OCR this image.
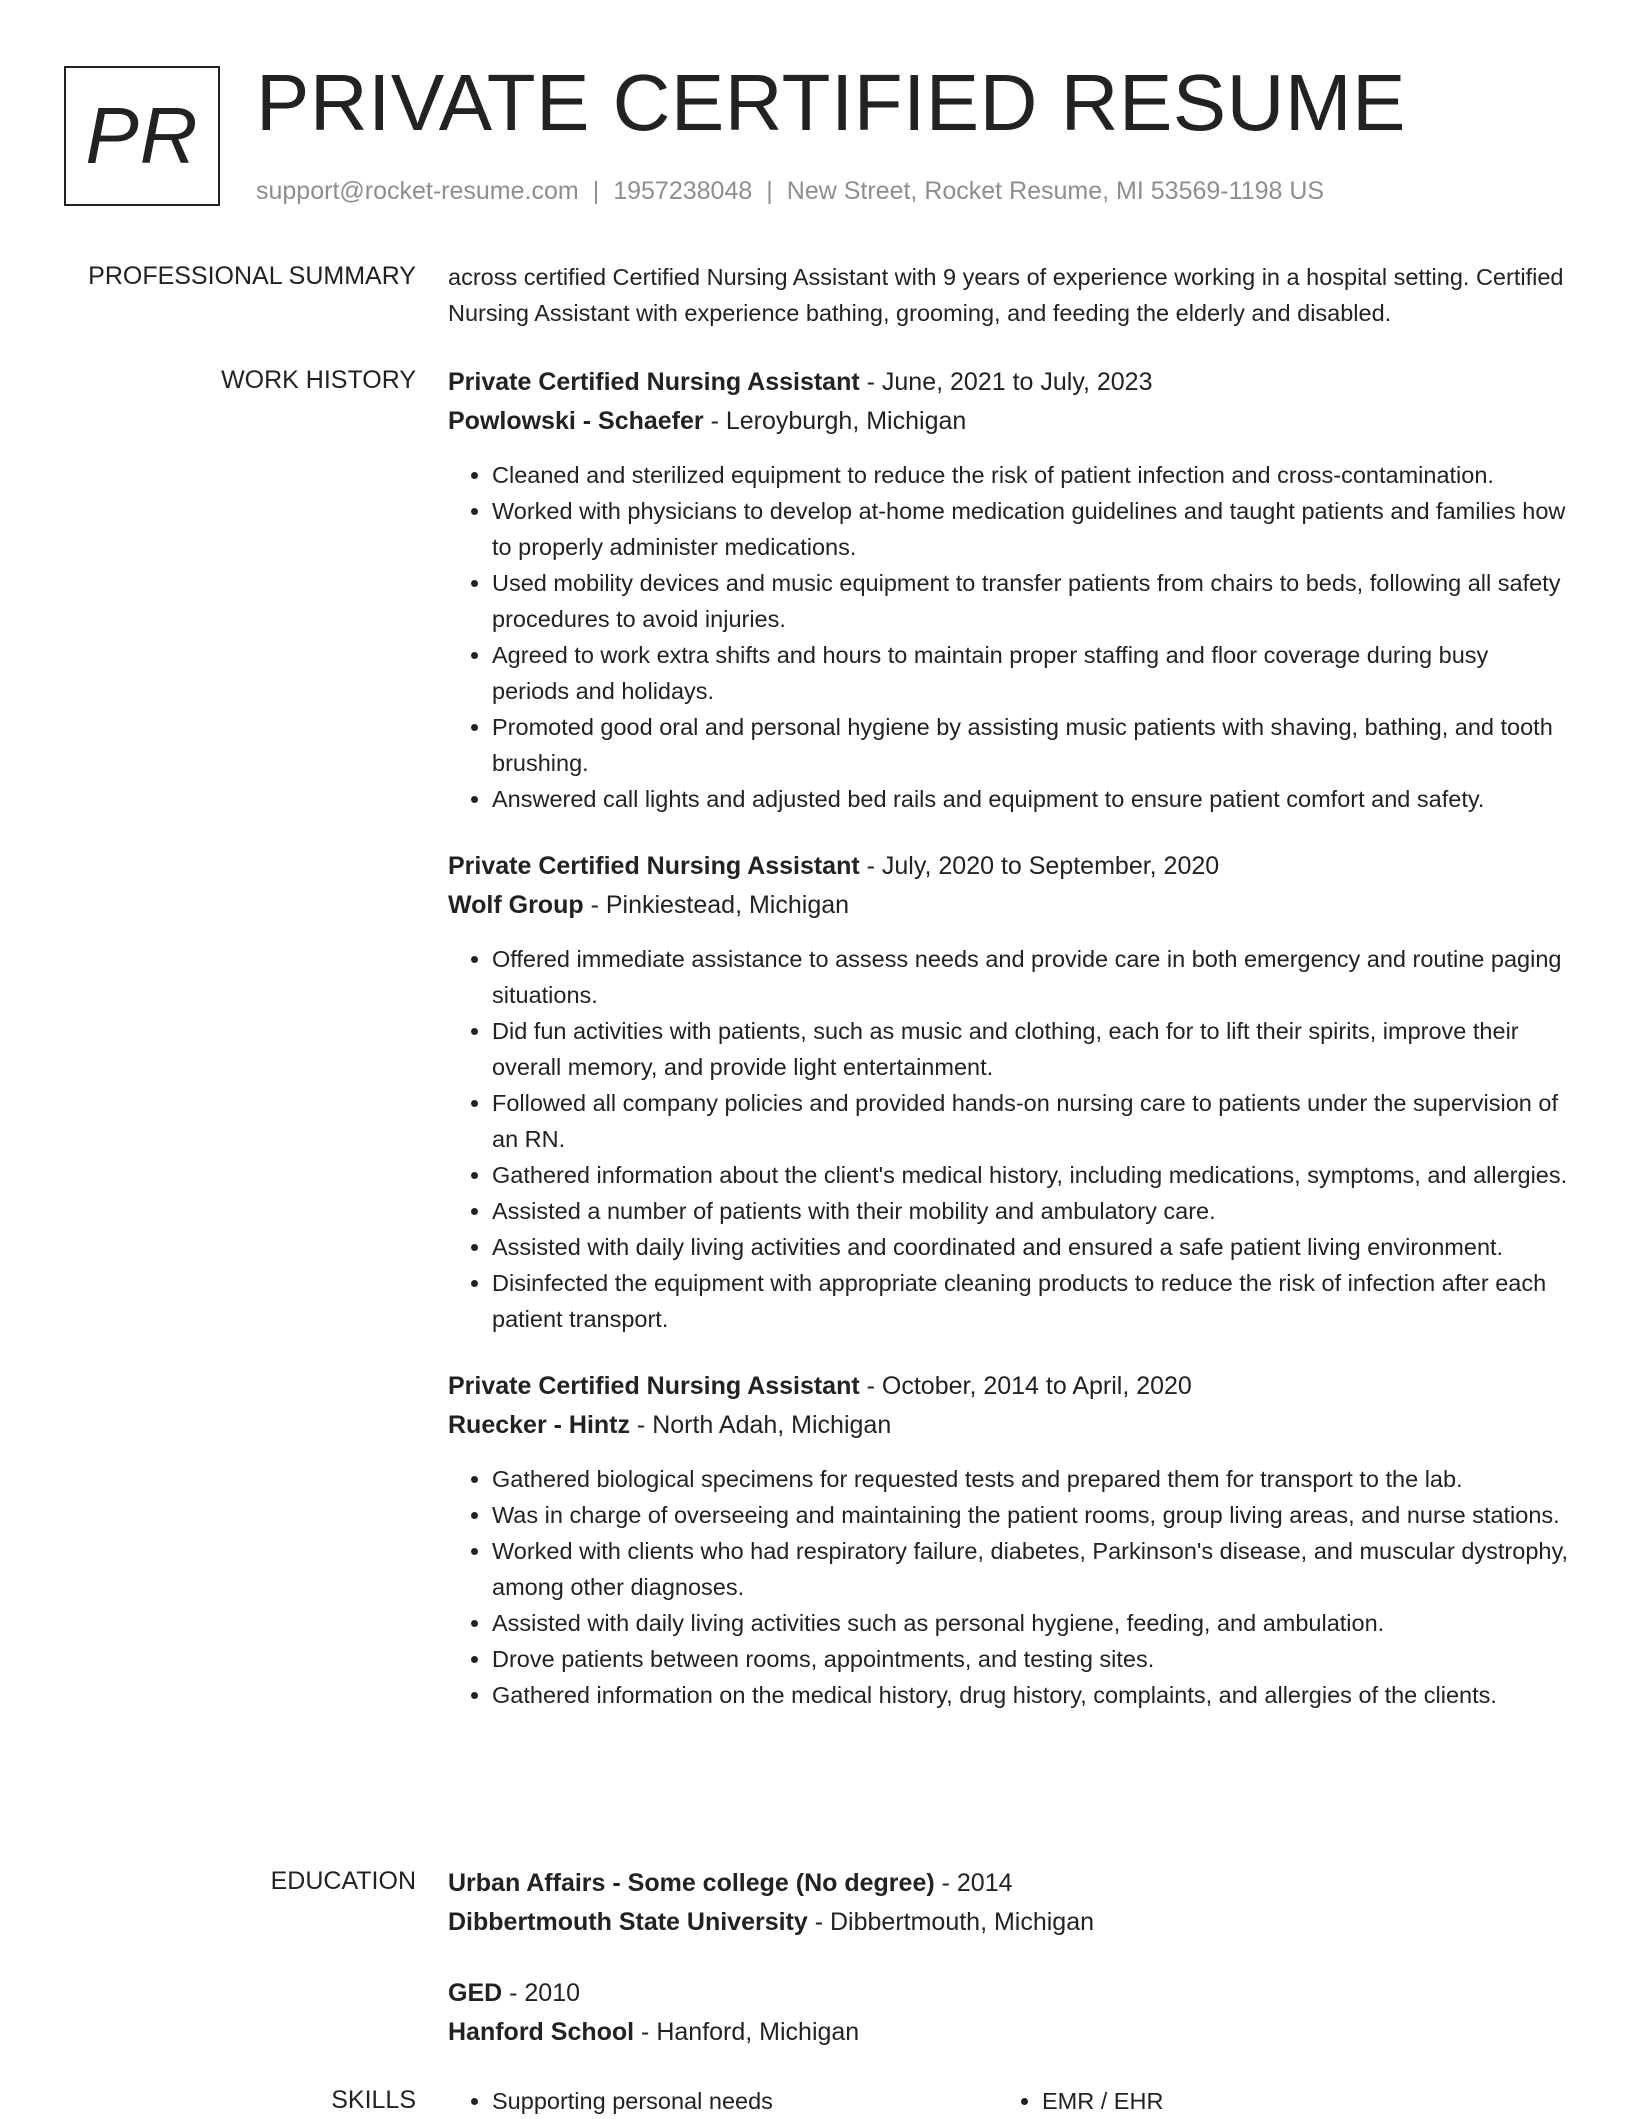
PR PRIVATE CERTIFIED RESUME
support@rocket-resume.com | 1957238048 | New Street, Rocket Resume, MI 53569-1198 US
PROFESSIONAL SUMMARY across certified Certified Nursing Assistant with 9 years of experience working in a hospital setting. Certified Nursing Assistant with experience bathing, grooming, and feeding the elderly and disabled.

WORK HISTORY Private Certified Nursing Assistant - June, 2021 to July, 2023
Powlowski - Schaefer - Leroyburgh, Michigan
• Cleaned and sterilized equipment to reduce the risk of patient infection and cross-contamination.
• Worked with physicians to develop at-home medication guidelines and taught patients and families how to properly administer medications.
• Used mobility devices and music equipment to transfer patients from chairs to beds, following all safety procedures to avoid injuries.
• Agreed to work extra shifts and hours to maintain proper staffing and floor coverage during busy periods and holidays.
• Promoted good oral and personal hygiene by assisting music patients with shaving, bathing, and tooth brushing.
• Answered call lights and adjusted bed rails and equipment to ensure patient comfort and safety.
Private Certified Nursing Assistant - July, 2020 to September, 2020
Wolf Group - Pinkiestead, Michigan
• Offered immediate assistance to assess needs and provide care in both emergency and routine paging situations.
• Did fun activities with patients, such as music and clothing, each for to lift their spirits, improve their overall memory, and provide light entertainment.
• Followed all company policies and provided hands-on nursing care to patients under the supervision of an RN.
• Gathered information about the client's medical history, including medications, symptoms, and allergies.
• Assisted a number of patients with their mobility and ambulatory care.
• Assisted with daily living activities and coordinated and ensured a safe patient living environment.
• Disinfected the equipment with appropriate cleaning products to reduce the risk of infection after each patient transport.
Private Certified Nursing Assistant - October, 2014 to April, 2020
Ruecker - Hintz - North Adah, Michigan
• Gathered biological specimens for requested tests and prepared them for transport to the lab.
• Was in charge of overseeing and maintaining the patient rooms, group living areas, and nurse stations.
• Worked with clients who had respiratory failure, diabetes, Parkinson's disease, and muscular dystrophy, among other diagnoses.
• Assisted with daily living activities such as personal hygiene, feeding, and ambulation.
• Drove patients between rooms, appointments, and testing sites.
• Gathered information on the medical history, drug history, complaints, and allergies of the clients.
EDUCATION Urban Affairs - Some college (No degree) - 2014
Dibbertmouth State University - Dibbertmouth, Michigan
GED - 2010
Hanford School - Hanford, Michigan
SKILLS	• Supporting personal needs	• EMR / EHR
